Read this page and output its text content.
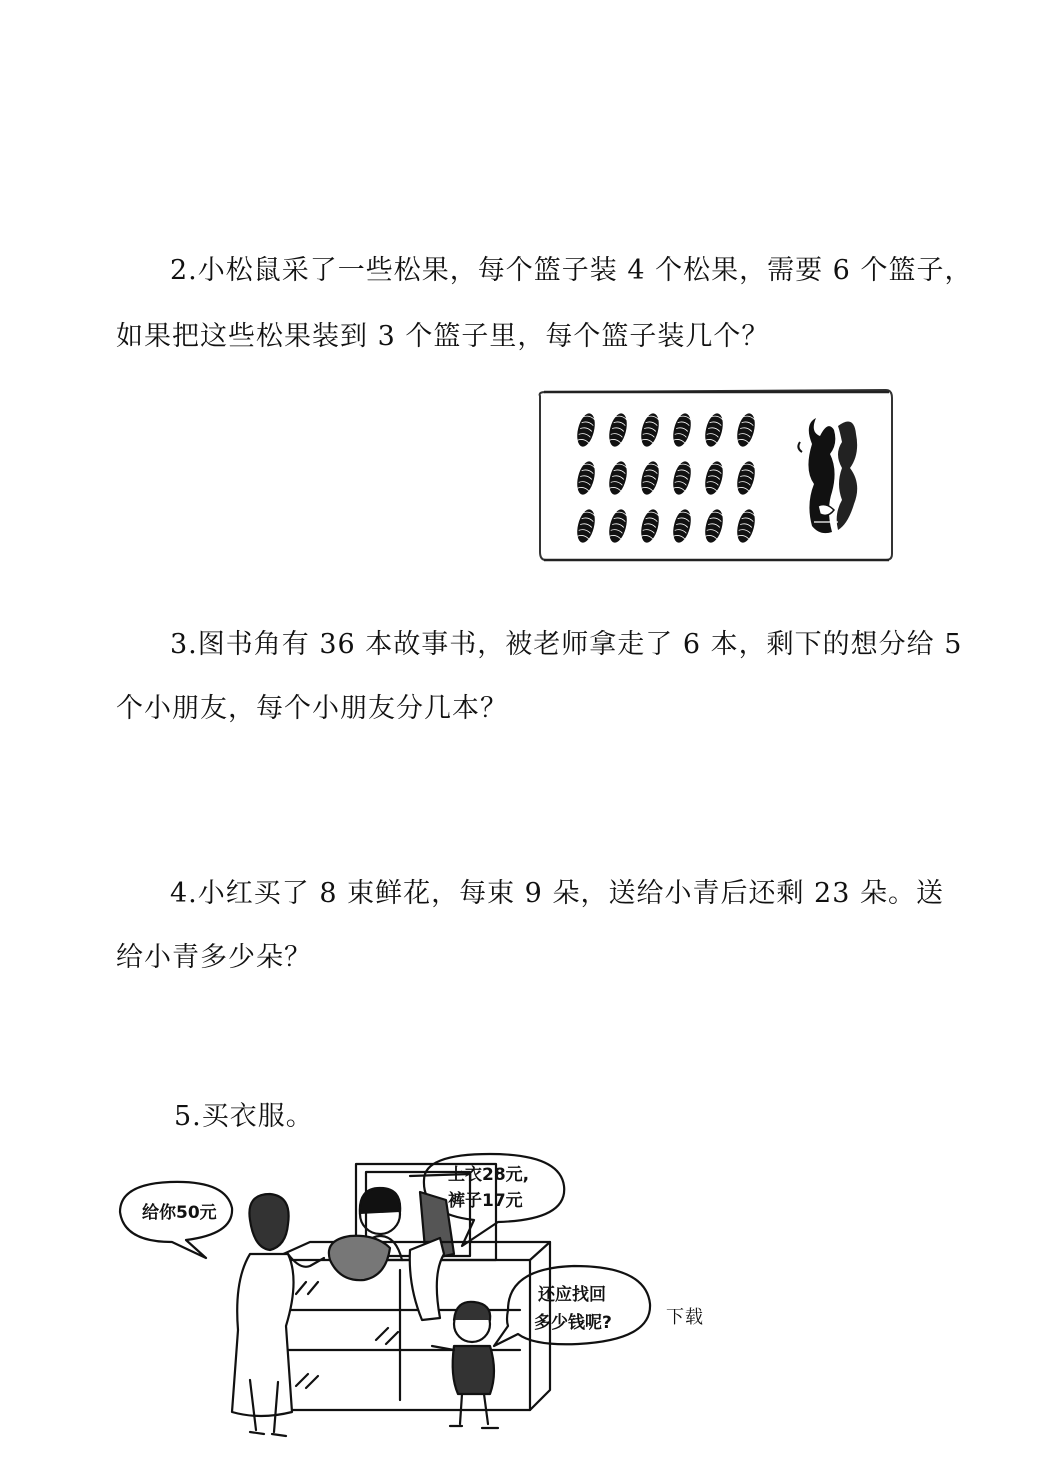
2.小松鼠采了一些松果，每个篮子装 4 个松果，需要 6 个篮子，
如果把这些松果装到 3 个篮子里，每个篮子装几个？
3.图书角有 36 本故事书，被老师拿走了 6 本，剩下的想分给 5
个小朋友，每个小朋友分几本？
4.小红买了 8 束鲜花，每束 9 朵，送给小青后还剩 23 朵。送
给小青多少朵？
5.买衣服。
给你50元
上衣28元,
裤子17元
还应找回
多少钱呢?	下载
